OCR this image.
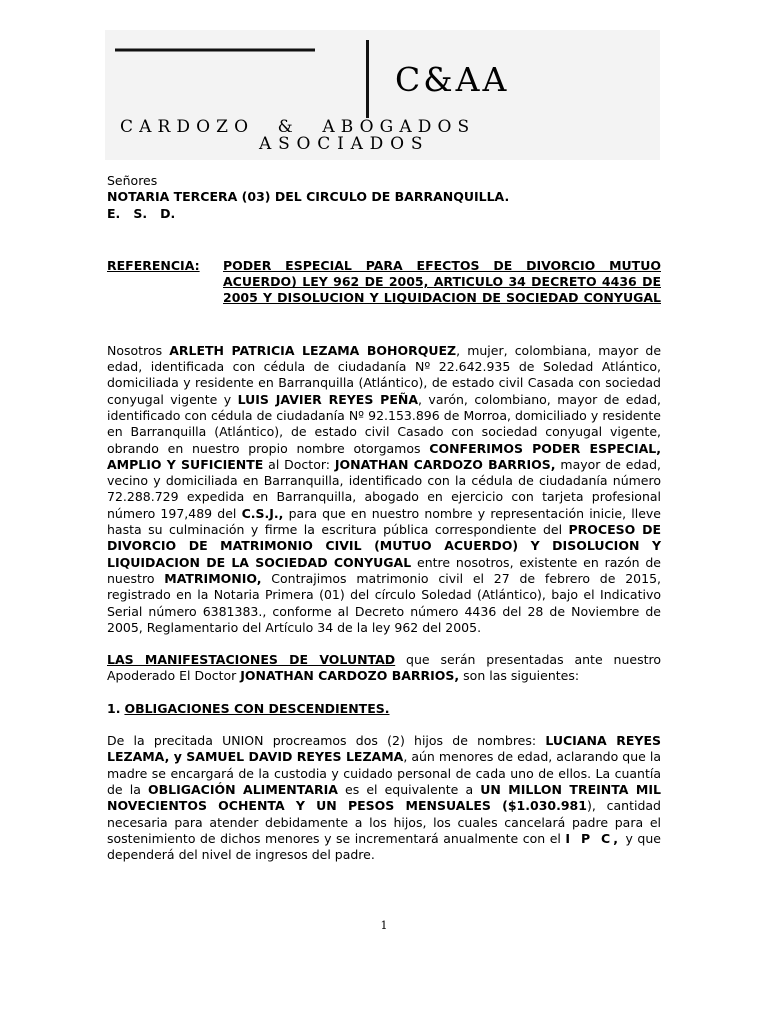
C&AA
CARDOZO & ABOGADOS
ASOCIADOS

Señores

NOTARIA TERCERA (03) DEL CIRCULO DE BARRANQUILLA.

E.   S.   D.

REFERENCIA:	PODER ESPECIAL PARA EFECTOS DE DIVORCIO MUTUO ACUERDO) LEY 962 DE 2005, ARTICULO 34 DECRETO 4436 DE 2005 Y DISOLUCION Y LIQUIDACION DE SOCIEDAD CONYUGAL

Nosotros ARLETH PATRICIA LEZAMA BOHORQUEZ, mujer, colombiana, mayor de edad, identificada con cédula de ciudadanía Nº 22.642.935 de Soledad Atlántico, domiciliada y residente en Barranquilla (Atlántico), de estado civil Casada con sociedad conyugal vigente y LUIS JAVIER REYES PEÑA, varón, colombiano, mayor de edad, identificado con cédula de ciudadanía Nº 92.153.896 de Morroa, domiciliado y residente en Barranquilla (Atlántico), de estado civil Casado con sociedad conyugal vigente, obrando en nuestro propio nombre otorgamos CONFERIMOS PODER ESPECIAL, AMPLIO Y SUFICIENTE al Doctor: JONATHAN CARDOZO BARRIOS, mayor de edad, vecino y domiciliada en Barranquilla, identificado con la cédula de ciudadanía número 72.288.729 expedida en Barranquilla, abogado en ejercicio con tarjeta profesional número 197,489 del C.S.J., para que en nuestro nombre y representación inicie, lleve hasta su culminación y firme la escritura pública correspondiente del PROCESO DE DIVORCIO DE MATRIMONIO CIVIL (MUTUO ACUERDO) Y DISOLUCION Y LIQUIDACION DE LA SOCIEDAD CONYUGAL entre nosotros, existente en razón de nuestro MATRIMONIO, Contrajimos matrimonio civil el 27 de febrero de 2015, registrado en la Notaria Primera (01) del círculo Soledad (Atlántico), bajo el Indicativo Serial número 6381383., conforme al Decreto número 4436 del 28 de Noviembre de 2005, Reglamentario del Artículo 34 de la ley 962 del 2005.

LAS MANIFESTACIONES DE VOLUNTAD que serán presentadas ante nuestro Apoderado El Doctor JONATHAN CARDOZO BARRIOS, son las siguientes:

1. OBLIGACIONES CON DESCENDIENTES.

De la precitada UNION procreamos dos (2) hijos de nombres: LUCIANA REYES LEZAMA, y SAMUEL DAVID REYES LEZAMA, aún menores de edad, aclarando que la madre se encargará de la custodia y cuidado personal de cada uno de ellos. La cuantía de la OBLIGACIÓN ALIMENTARIA es el equivalente a UN MILLON TREINTA MIL NOVECIENTOS OCHENTA Y UN PESOS MENSUALES ($1.030.981), cantidad necesaria para atender debidamente a los hijos, los cuales cancelará padre para el sostenimiento de dichos menores y se incrementará anualmente con el I P C, y que dependerá del nivel de ingresos del padre.

1
